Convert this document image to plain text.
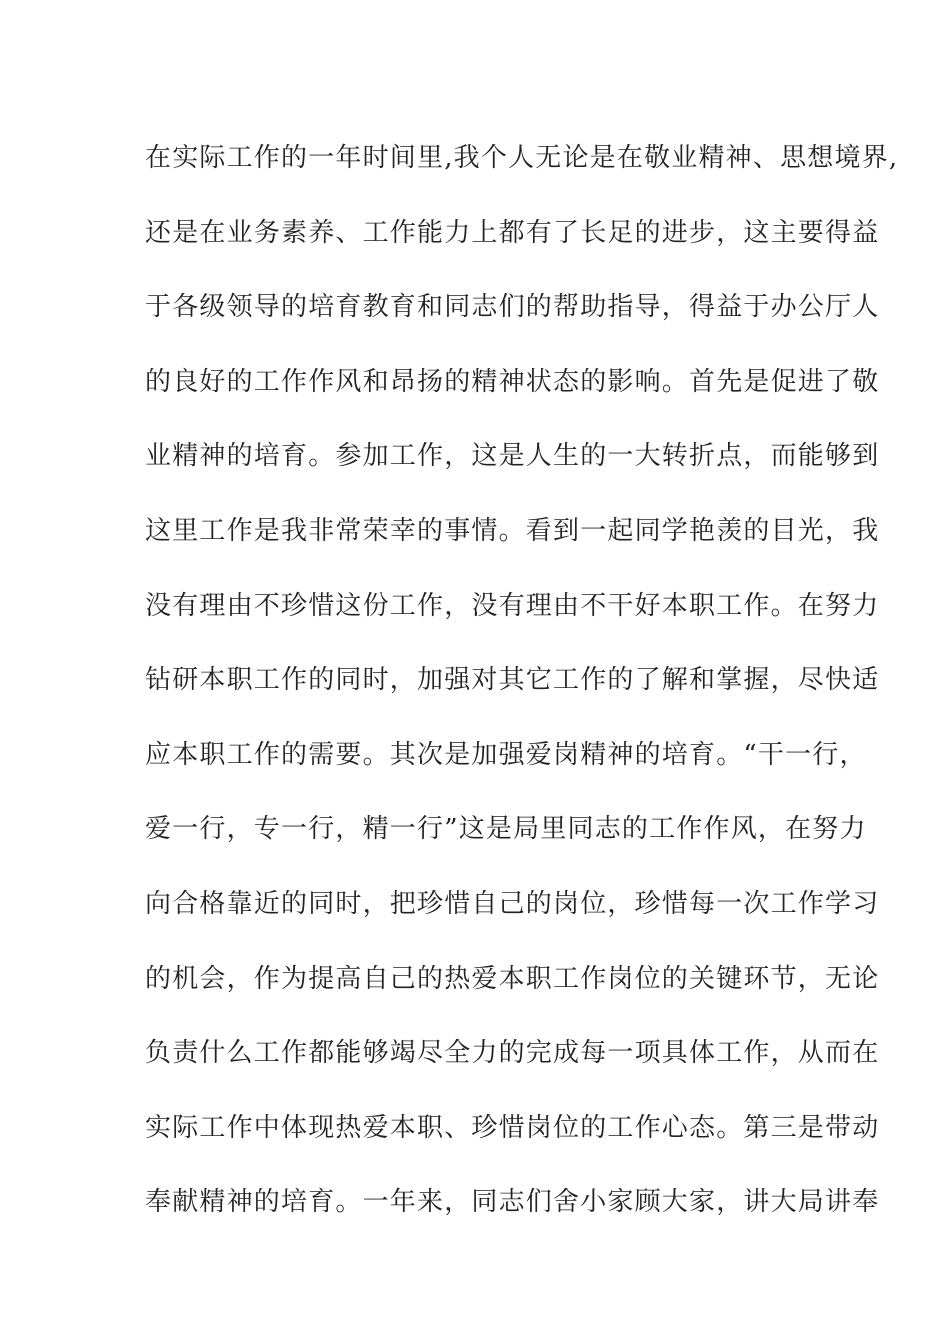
在实际工作的一年时间里,我个人无论是在敬业精神、思想境界,
还是在业务素养、工作能力上都有了长足的进步，这主要得益
于各级领导的培育教育和同志们的帮助指导，得益于办公厅人
的良好的工作作风和昂扬的精神状态的影响。首先是促进了敬
业精神的培育。参加工作，这是人生的一大转折点，而能够到
这里工作是我非常荣幸的事情。看到一起同学艳羡的目光，我
没有理由不珍惜这份工作，没有理由不干好本职工作。在努力
钻研本职工作的同时，加强对其它工作的了解和掌握，尽快适
应本职工作的需要。其次是加强爱岗精神的培育。“干一行，
爱一行，专一行，精一行”这是局里同志的工作作风，在努力
向合格靠近的同时，把珍惜自己的岗位，珍惜每一次工作学习
的机会，作为提高自己的热爱本职工作岗位的关键环节，无论
负责什么工作都能够竭尽全力的完成每一项具体工作，从而在
实际工作中体现热爱本职、珍惜岗位的工作心态。第三是带动
奉献精神的培育。一年来，同志们舍小家顾大家，讲大局讲奉
